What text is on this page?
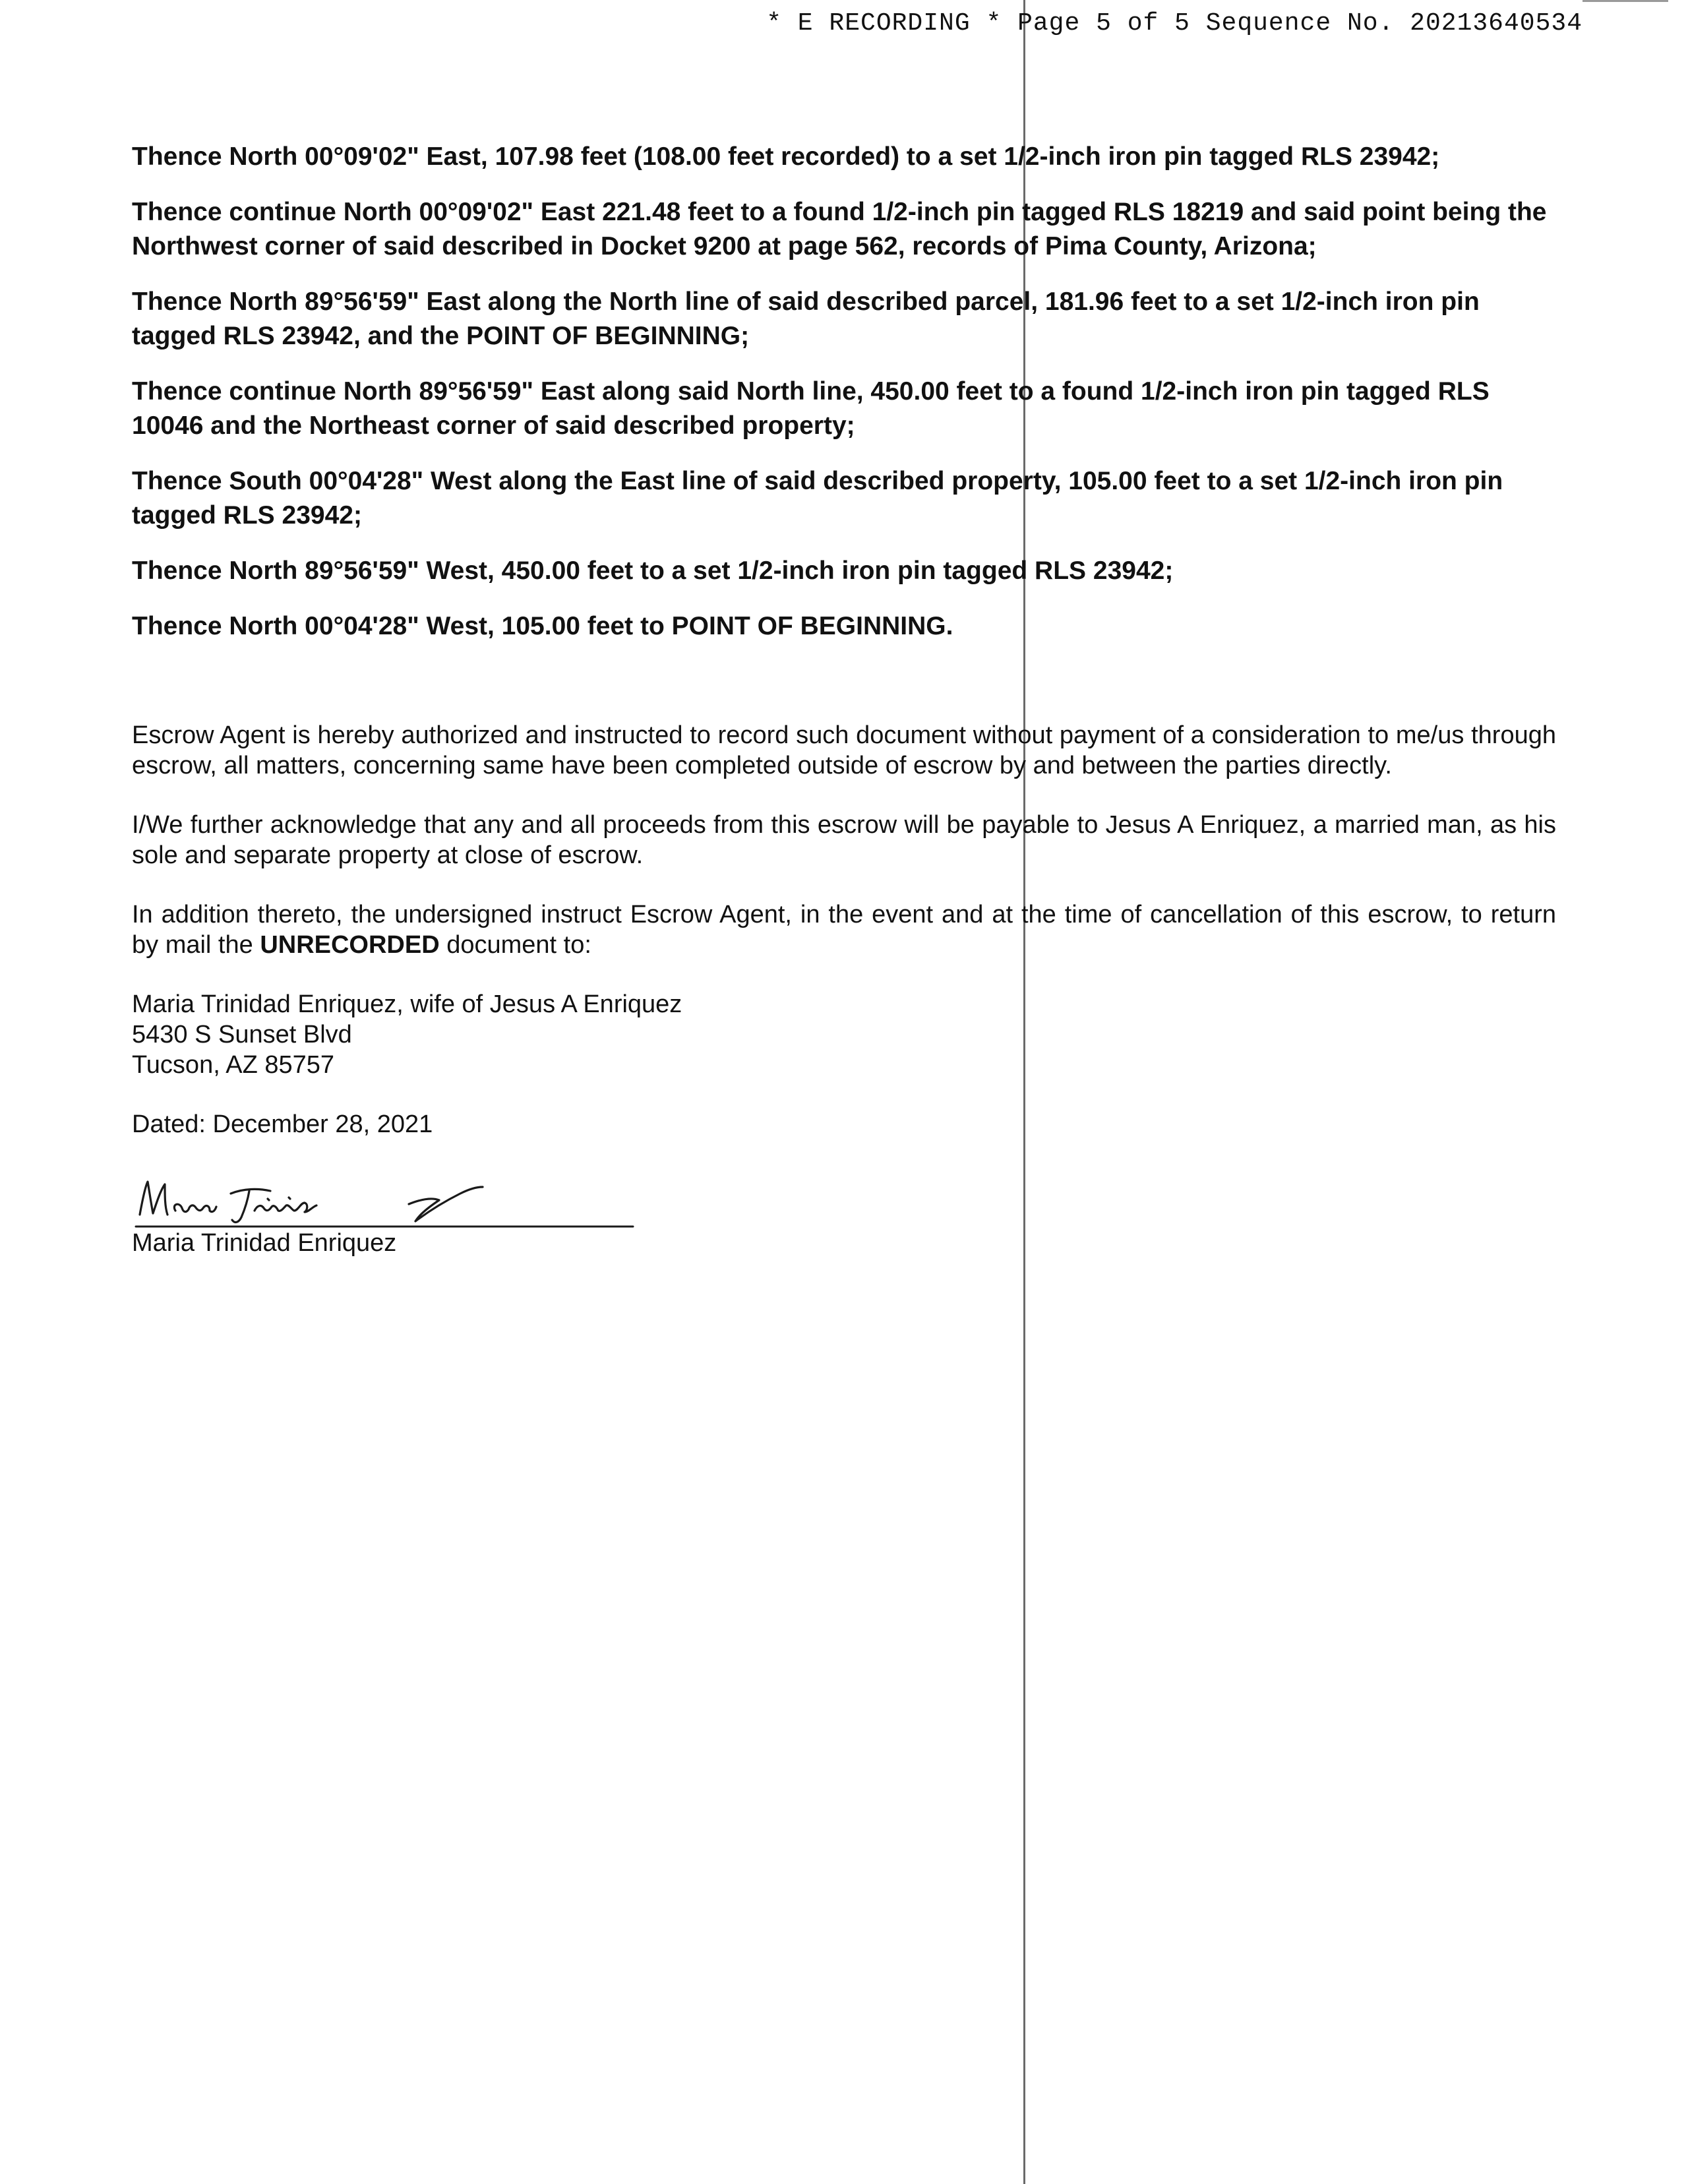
* E RECORDING * Page 5 of 5 Sequence No. 20213640534

Thence North 00°09'02" East, 107.98 feet (108.00 feet recorded) to a set 1/2-inch iron pin tagged RLS 23942;

Thence continue North 00°09'02" East 221.48 feet to a found 1/2-inch pin tagged RLS 18219 and said point being the Northwest corner of said described in Docket 9200 at page 562, records of Pima County, Arizona;

Thence North 89°56'59" East along the North line of said described parcel, 181.96 feet to a set 1/2-inch iron pin tagged RLS 23942, and the POINT OF BEGINNING;

Thence continue North 89°56'59" East along said North line, 450.00 feet to a found 1/2-inch iron pin tagged RLS 10046 and the Northeast corner of said described property;

Thence South 00°04'28" West along the East line of said described property, 105.00 feet to a set 1/2-inch iron pin tagged RLS 23942;

Thence North 89°56'59" West, 450.00 feet to a set 1/2-inch iron pin tagged RLS 23942;

Thence North 00°04'28" West, 105.00 feet to POINT OF BEGINNING.

Escrow Agent is hereby authorized and instructed to record such document without payment of a consideration to me/us through escrow, all matters, concerning same have been completed outside of escrow by and between the parties directly.

I/We further acknowledge that any and all proceeds from this escrow will be payable to Jesus A Enriquez, a married man, as his sole and separate property at close of escrow.

In addition thereto, the undersigned instruct Escrow Agent, in the event and at the time of cancellation of this escrow, to return by mail the UNRECORDED document to:

Maria Trinidad Enriquez, wife of Jesus A Enriquez
5430 S Sunset Blvd
Tucson, AZ 85757

Dated: December 28, 2021

Maria Trinidad Enriquez
